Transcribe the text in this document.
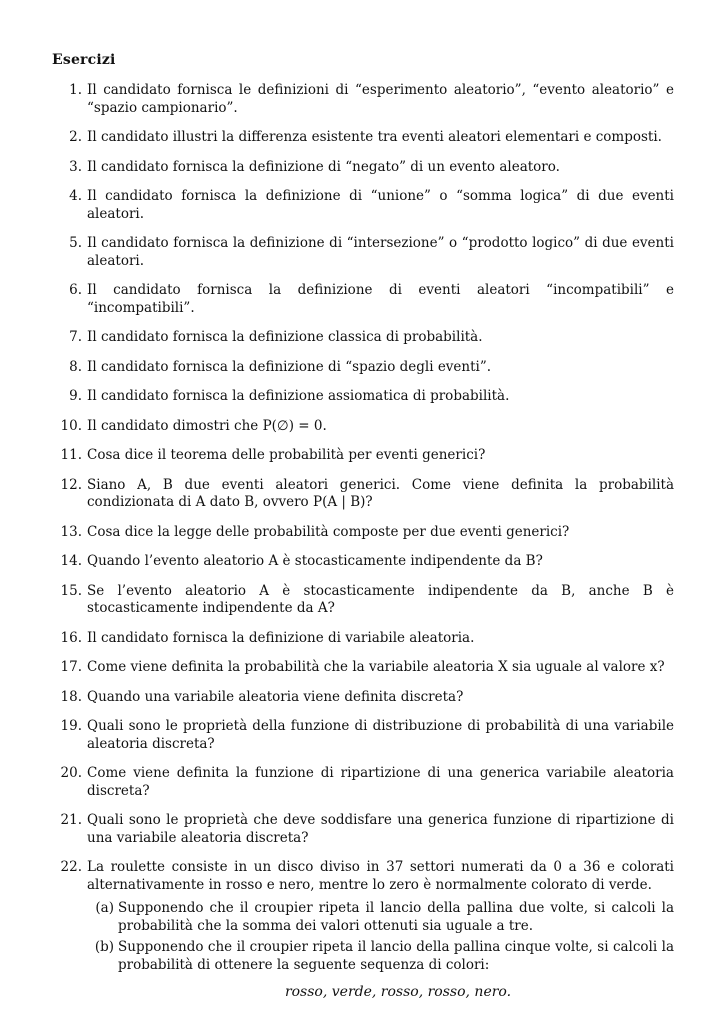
Esercizi
1. Il candidato fornisca le definizioni di “esperimento aleatorio”, “evento aleatorio” e “spazio campionario”.
2. Il candidato illustri la differenza esistente tra eventi aleatori elementari e composti.
3. Il candidato fornisca la definizione di “negato” di un evento aleatoro.
4. Il candidato fornisca la definizione di “unione” o “somma logica” di due eventi aleatori.
5. Il candidato fornisca la definizione di “intersezione” o “prodotto logico” di due eventi aleatori.
6. Il candidato fornisca la definizione di eventi aleatori “incompatibili” e “incompatibili”.
7. Il candidato fornisca la definizione classica di probabilità.
8. Il candidato fornisca la definizione di “spazio degli eventi”.
9. Il candidato fornisca la definizione assiomatica di probabilità.
10. Il candidato dimostri che P(∅) = 0.
11. Cosa dice il teorema delle probabilità per eventi generici?
12. Siano A, B due eventi aleatori generici. Come viene definita la probabilità condizionata di A dato B, ovvero P(A | B)?
13. Cosa dice la legge delle probabilità composte per due eventi generici?
14. Quando l’evento aleatorio A è stocasticamente indipendente da B?
15. Se l’evento aleatorio A è stocasticamente indipendente da B, anche B è stocasticamente indipendente da A?
16. Il candidato fornisca la definizione di variabile aleatoria.
17. Come viene definita la probabilità che la variabile aleatoria X sia uguale al valore x?
18. Quando una variabile aleatoria viene definita discreta?
19. Quali sono le proprietà della funzione di distribuzione di probabilità di una variabile aleatoria discreta?
20. Come viene definita la funzione di ripartizione di una generica variabile aleatoria discreta?
21. Quali sono le proprietà che deve soddisfare una generica funzione di ripartizione di una variabile aleatoria discreta?
22. La roulette consiste in un disco diviso in 37 settori numerati da 0 a 36 e colorati alternativamente in rosso e nero, mentre lo zero è normalmente colorato di verde.
(a) Supponendo che il croupier ripeta il lancio della pallina due volte, si calcoli la probabilità che la somma dei valori ottenuti sia uguale a tre.
(b) Supponendo che il croupier ripeta il lancio della pallina cinque volte, si calcoli la probabilità di ottenere la seguente sequenza di colori:
rosso, verde, rosso, rosso, nero.
